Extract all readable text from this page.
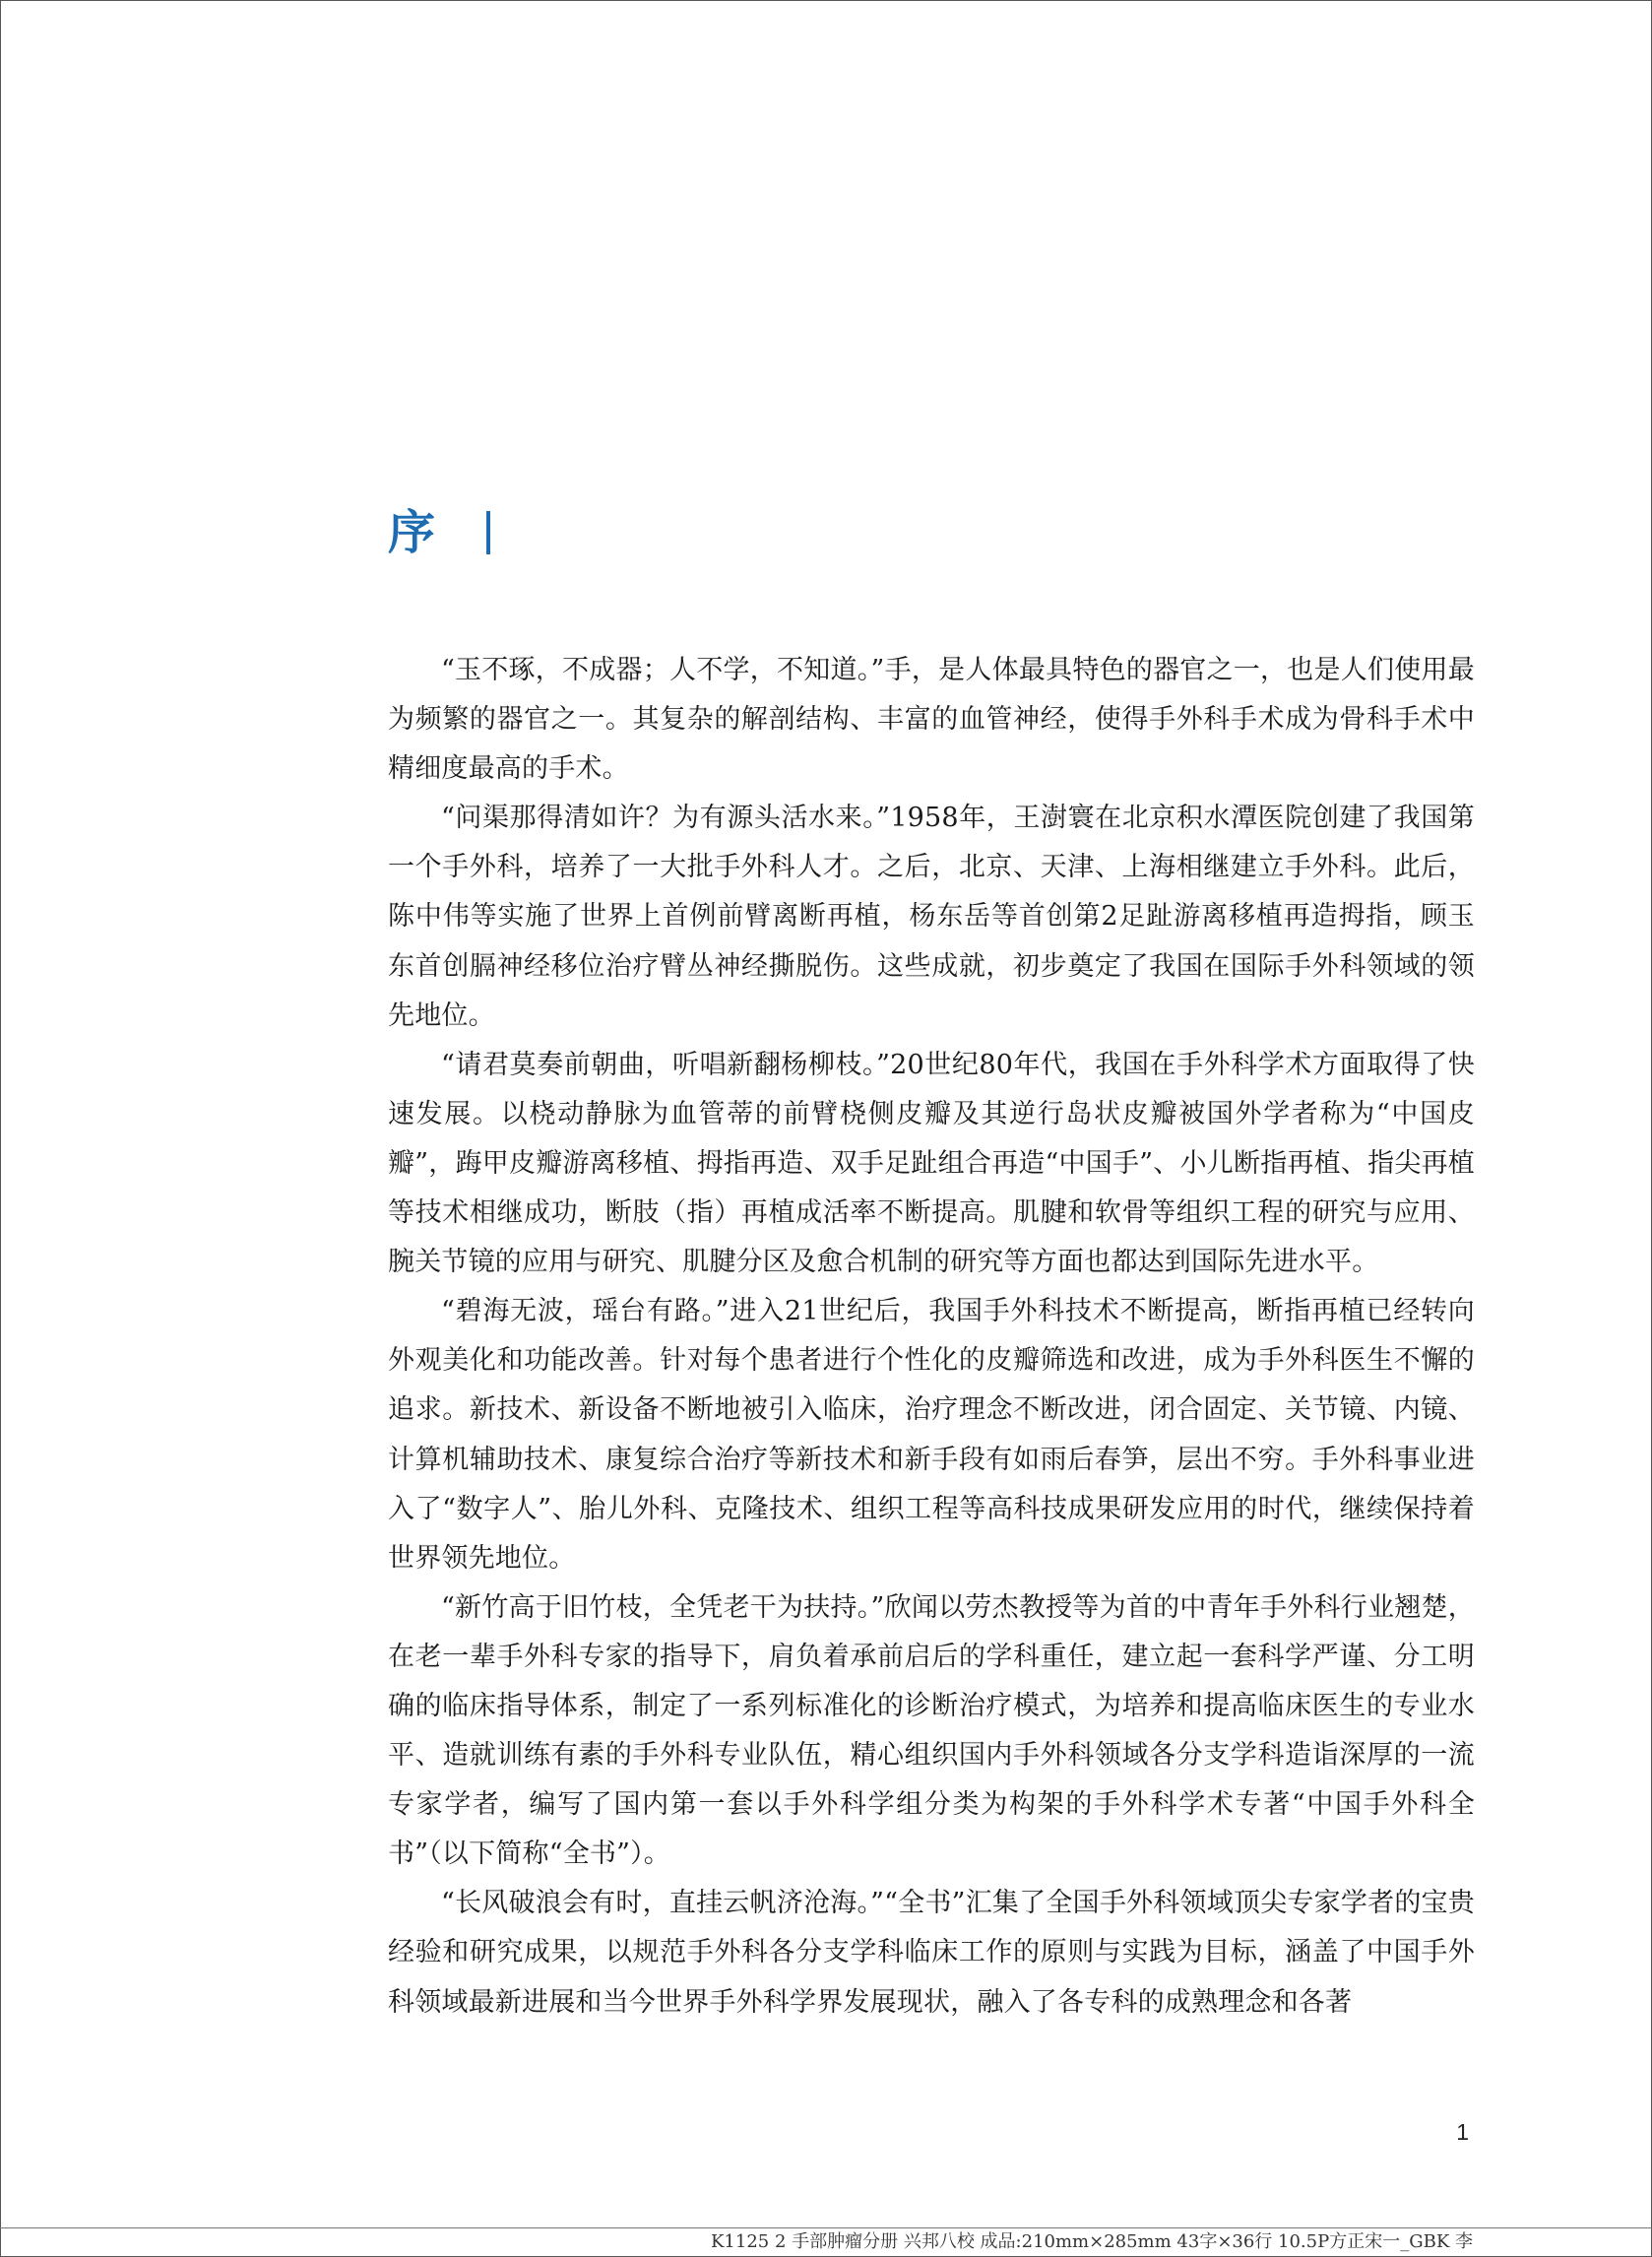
序

“玉不琢，不成器；人不学，不知道。”手，是人体最具特色的器官之一，也是人们使用最为频繁的器官之一。其复杂的解剖结构、丰富的血管神经，使得手外科手术成为骨科手术中精细度最高的手术。

“问渠那得清如许？为有源头活水来。”1958年，王澍寰在北京积水潭医院创建了我国第一个手外科，培养了一大批手外科人才。之后，北京、天津、上海相继建立手外科。此后，陈中伟等实施了世界上首例前臂离断再植，杨东岳等首创第2足趾游离移植再造拇指，顾玉东首创膈神经移位治疗臂丛神经撕脱伤。这些成就，初步奠定了我国在国际手外科领域的领先地位。

“请君莫奏前朝曲，听唱新翻杨柳枝。”20世纪80年代，我国在手外科学术方面取得了快速发展。以桡动静脉为血管蒂的前臂桡侧皮瓣及其逆行岛状皮瓣被国外学者称为“中国皮瓣”，踇甲皮瓣游离移植、拇指再造、双手足趾组合再造“中国手”、小儿断指再植、指尖再植等技术相继成功，断肢（指）再植成活率不断提高。肌腱和软骨等组织工程的研究与应用、腕关节镜的应用与研究、肌腱分区及愈合机制的研究等方面也都达到国际先进水平。

“碧海无波，瑶台有路。”进入21世纪后，我国手外科技术不断提高，断指再植已经转向外观美化和功能改善。针对每个患者进行个性化的皮瓣筛选和改进，成为手外科医生不懈的追求。新技术、新设备不断地被引入临床，治疗理念不断改进，闭合固定、关节镜、内镜、计算机辅助技术、康复综合治疗等新技术和新手段有如雨后春笋，层出不穷。手外科事业进入了“数字人”、胎儿外科、克隆技术、组织工程等高科技成果研发应用的时代，继续保持着世界领先地位。

“新竹高于旧竹枝，全凭老干为扶持。”欣闻以劳杰教授等为首的中青年手外科行业翘楚，在老一辈手外科专家的指导下，肩负着承前启后的学科重任，建立起一套科学严谨、分工明确的临床指导体系，制定了一系列标准化的诊断治疗模式，为培养和提高临床医生的专业水平、造就训练有素的手外科专业队伍，精心组织国内手外科领域各分支学科造诣深厚的一流专家学者，编写了国内第一套以手外科学组分类为构架的手外科学术专著“中国手外科全书”（以下简称“全书”）。

“长风破浪会有时，直挂云帆济沧海。”“全书”汇集了全国手外科领域顶尖专家学者的宝贵经验和研究成果，以规范手外科各分支学科临床工作的原则与实践为目标，涵盖了中国手外科领域最新进展和当今世界手外科学界发展现状，融入了各专科的成熟理念和各著

1
K1125 2 手部肿瘤分册 兴邦八校 成品:210mm×285mm 43字×36行 10.5P方正宋一_GBK 李
